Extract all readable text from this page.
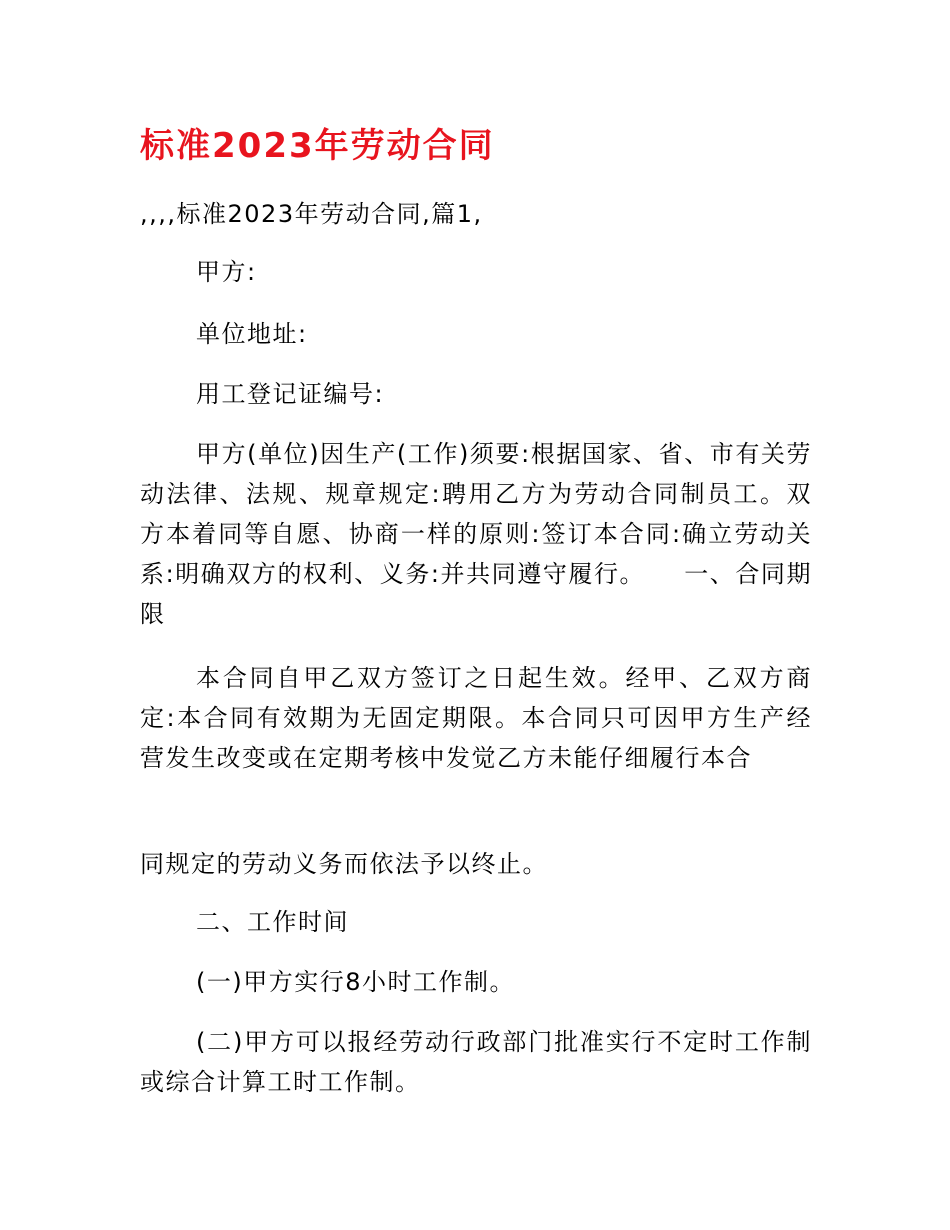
标准2023年劳动合同
,,,,标准2023年劳动合同,篇1,
甲方:
单位地址:
用工登记证编号:
甲方(单位)因生产(工作)须要:根据国家、省、市有关劳动法律、法规、规章规定:聘用乙方为劳动合同制员工。双方本着同等自愿、协商一样的原则:签订本合同:确立劳动关系:明确双方的权利、义务:并共同遵守履行。　　一、合同期限
本合同自甲乙双方签订之日起生效。经甲、乙双方商定:本合同有效期为无固定期限。本合同只可因甲方生产经营发生改变或在定期考核中发觉乙方未能仔细履行本合
同规定的劳动义务而依法予以终止。
二、工作时间
(一)甲方实行8小时工作制。
(二)甲方可以报经劳动行政部门批准实行不定时工作制或综合计算工时工作制。
